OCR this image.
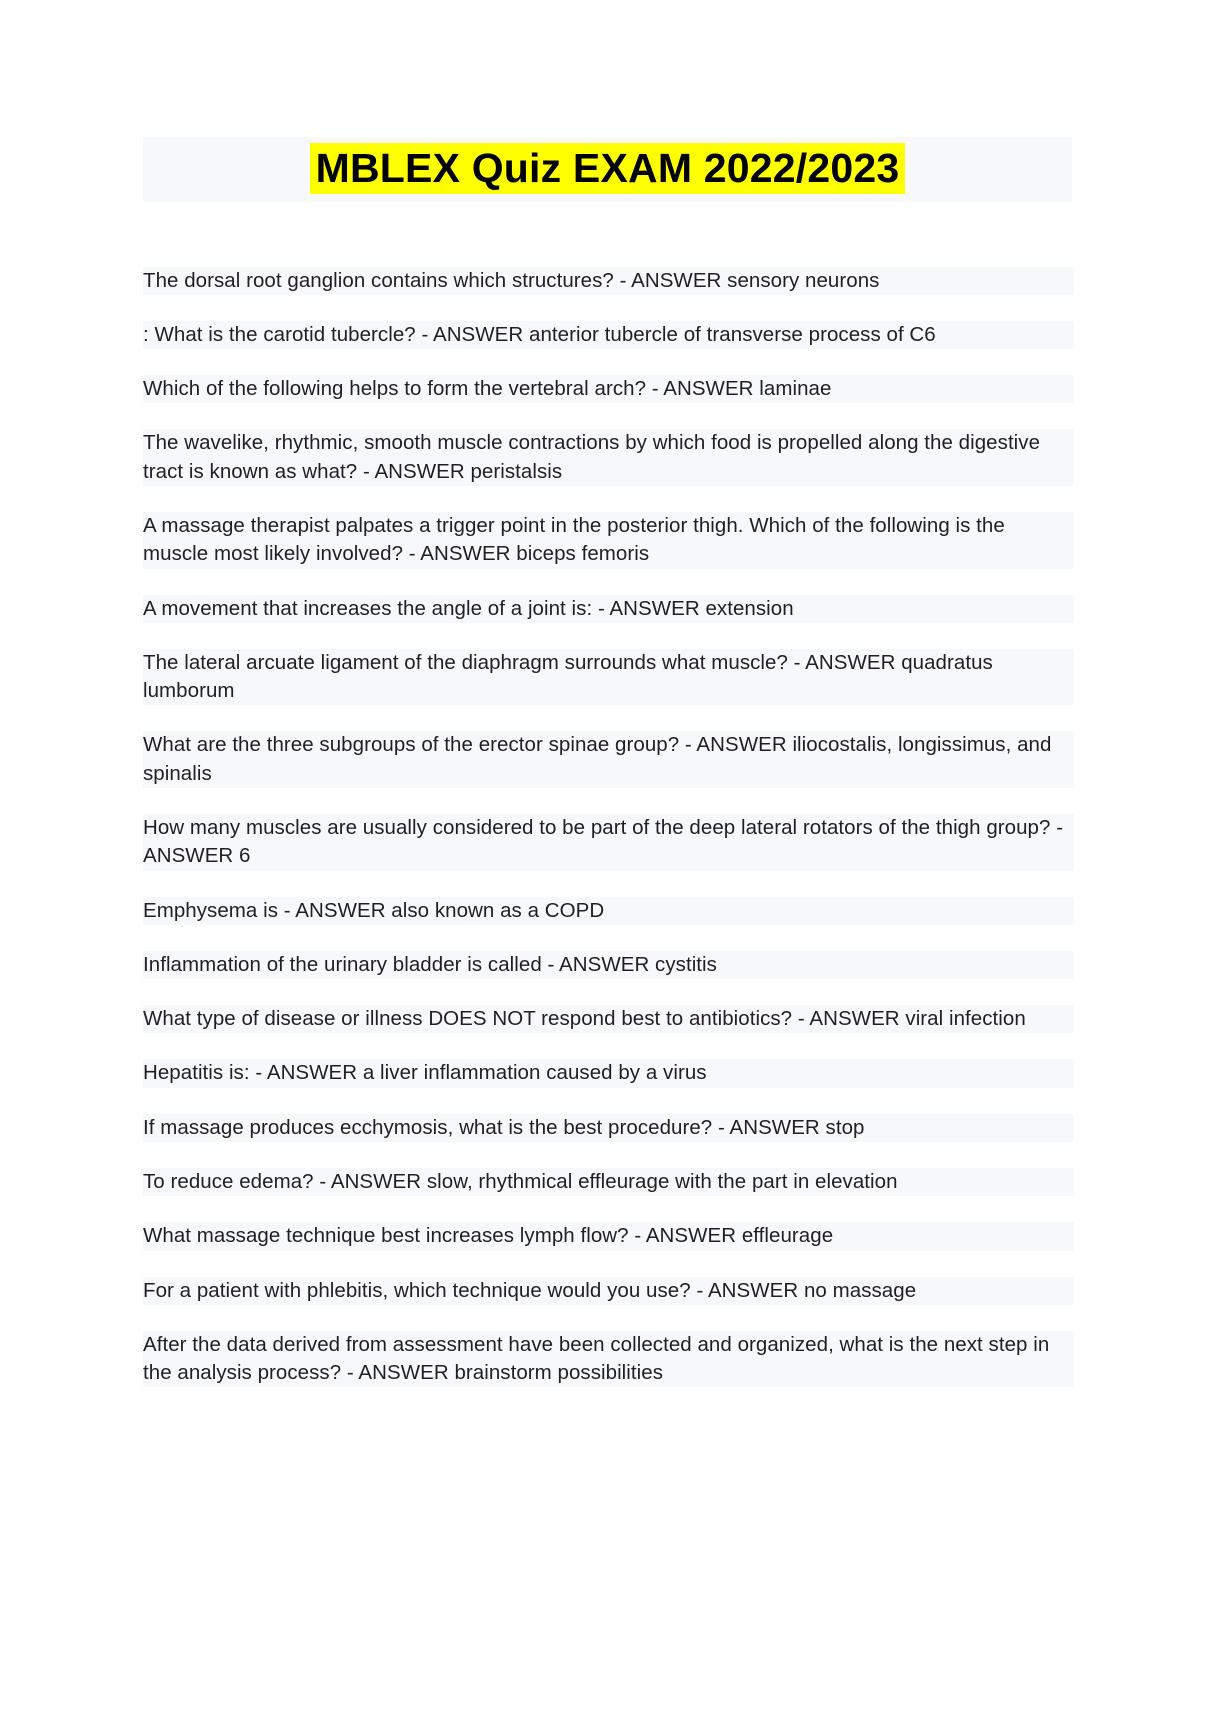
MBLEX Quiz EXAM 2022/2023

The dorsal root ganglion contains which structures? - ANSWER sensory neurons

: What is the carotid tubercle? - ANSWER anterior tubercle of transverse process of C6

Which of the following helps to form the vertebral arch? - ANSWER laminae

The wavelike, rhythmic, smooth muscle contractions by which food is propelled along the digestive tract is known as what? - ANSWER peristalsis

A massage therapist palpates a trigger point in the posterior thigh. Which of the following is the muscle most likely involved? - ANSWER biceps femoris

A movement that increases the angle of a joint is: - ANSWER extension

The lateral arcuate ligament of the diaphragm surrounds what muscle? - ANSWER quadratus lumborum

What are the three subgroups of the erector spinae group? - ANSWER iliocostalis, longissimus, and spinalis

How many muscles are usually considered to be part of the deep lateral rotators of the thigh group? - ANSWER 6

Emphysema is - ANSWER also known as a COPD

Inflammation of the urinary bladder is called - ANSWER cystitis

What type of disease or illness DOES NOT respond best to antibiotics? - ANSWER viral infection

Hepatitis is: - ANSWER a liver inflammation caused by a virus

If massage produces ecchymosis, what is the best procedure? - ANSWER stop

To reduce edema? - ANSWER slow, rhythmical effleurage with the part in elevation

What massage technique best increases lymph flow? - ANSWER effleurage

For a patient with phlebitis, which technique would you use? - ANSWER no massage

After the data derived from assessment have been collected and organized, what is the next step in the analysis process? - ANSWER brainstorm possibilities
